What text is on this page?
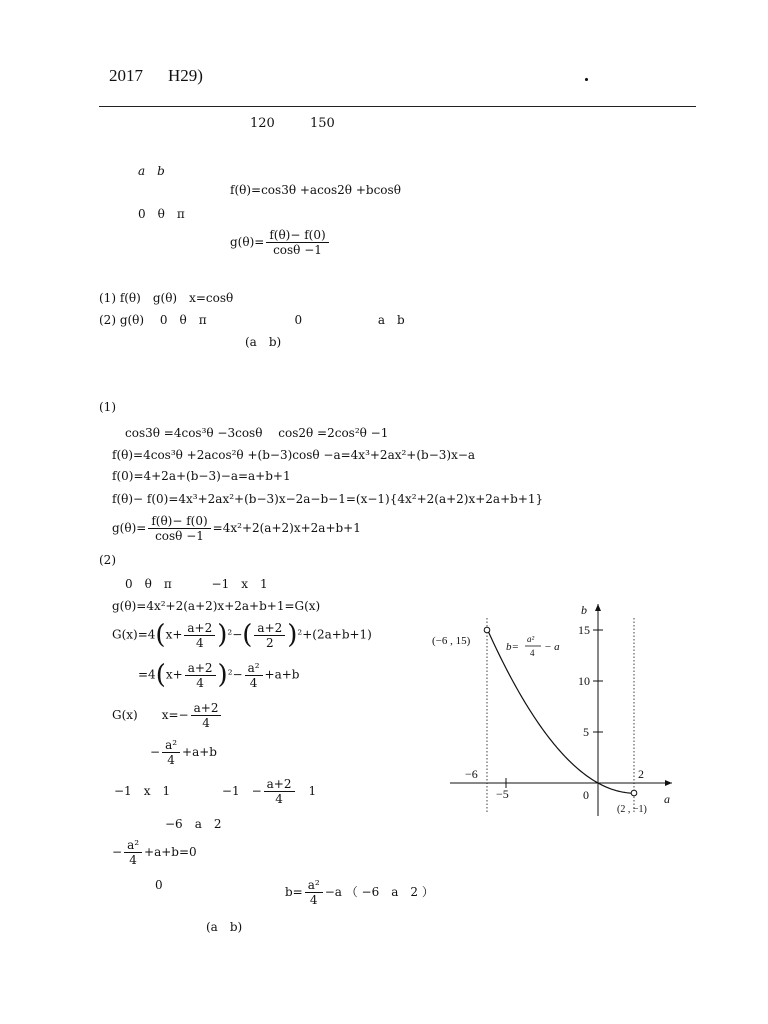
2017 H29)	・
120	150
a　b
f(θ)=cos3θ +acos2θ +bcosθ
0　θ　π
$g(\theta)= \frac{f(\theta)- f(0)}{\cos\theta -1}$
(1) f(θ)　g(θ)　x=cosθ
(2) g(θ)　 0　θ　π　　　　　　　 0　　　　　　 a　b
(a　b)
(1)
cos3θ =4cos³θ −3cosθ　 cos2θ =2cos²θ −1
f(θ)=4cos³θ +2acos²θ +(b−3)cosθ −a=4x³+2ax²+(b−3)x−a
f(0)=4+2a+(b−3)−a=a+b+1
f(θ)− f(0)=4x³+2ax²+(b−3)x−2a−b−1=(x−1){4x²+2(a+2)x+2a+b+1}
$g(\theta)= \frac{f(\theta)- f(0)}{\cos\theta -1} =4x^2+2(a+2)x+2a+b+1$
(2)
0　θ　π　　　 −1　x　1
g(θ)=4x²+2(a+2)x+2a+b+1=G(x)
$G(x)=4(x+ \frac{a+2}{4} )^2-( \frac{a+2}{2} )^2+(2a+b+1)$
$=4(x+ \frac{a+2}{4} )^2- \frac{\text{a²}}{4} +a+b$
G(x)　　$x=- \frac{a+2}{4}$
− $\frac{\text{a²}}{4} +a+b$
−1　x　1　　　　 −1　− $\frac{a+2}{4} 1$
−6　a　2
− $\frac{\text{a²}}{4} +a+b=0$
0	$b= \frac{\text{a²}}{4} -a$ （ −6　a　2 ）
(a　b)
b
a
15
10
5
−5	0
−6	2
(−6 , 15)
(2 , −1)
b=
a²
4 − a
